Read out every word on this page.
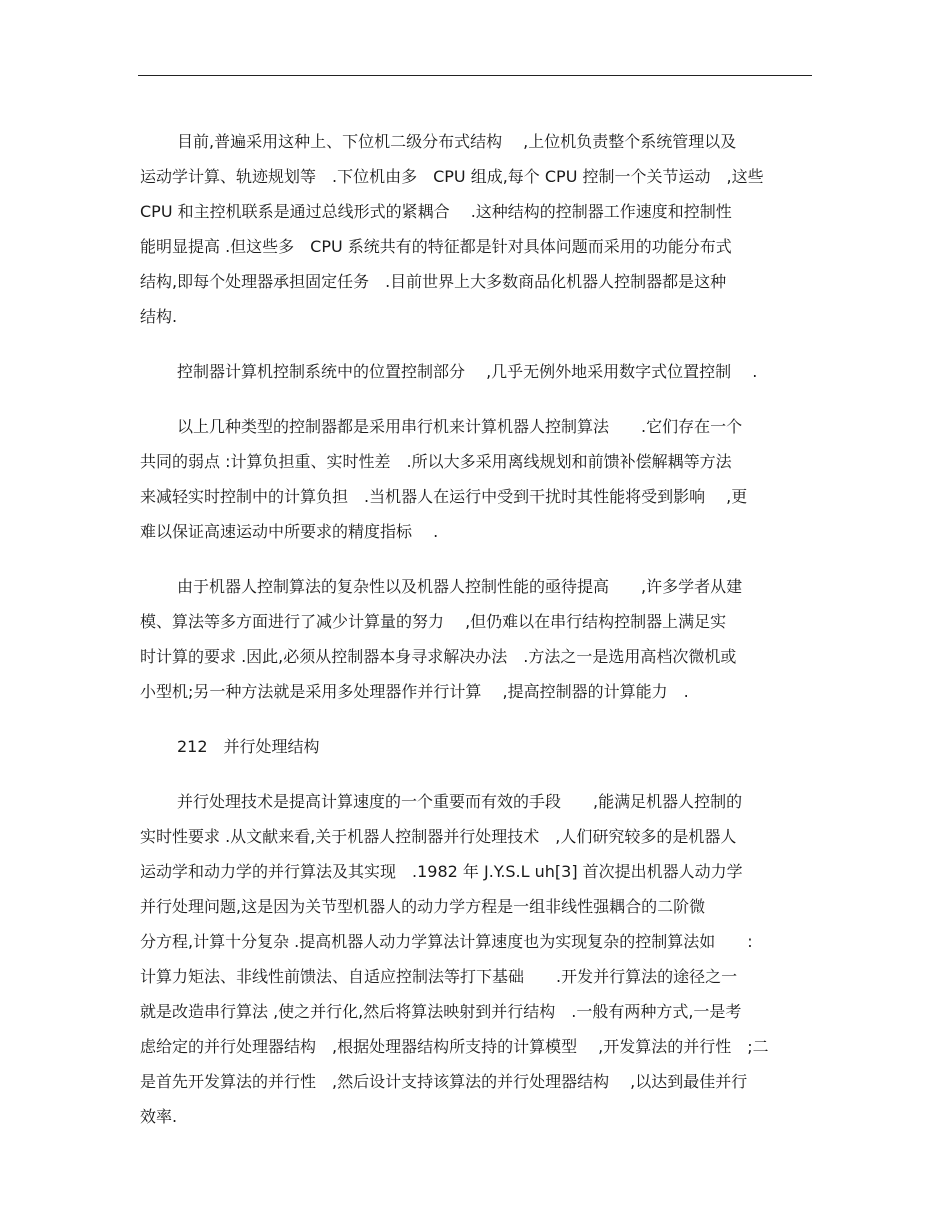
目前,普遍采用这种上、下位机二级分布式结构　 ,上位机负责整个系统管理以及
运动学计算、轨迹规划等　.下位机由多　CPU 组成,每个 CPU 控制一个关节运动　,这些
CPU 和主控机联系是通过总线形式的紧耦合　 .这种结构的控制器工作速度和控制性
能明显提高 .但这些多　CPU 系统共有的特征都是针对具体问题而采用的功能分布式
结构,即每个处理器承担固定任务　.目前世界上大多数商品化机器人控制器都是这种
结构.
控制器计算机控制系统中的位置控制部分　 ,几乎无例外地采用数字式位置控制　 .
以上几种类型的控制器都是采用串行机来计算机器人控制算法　　.它们存在一个
共同的弱点 :计算负担重、实时性差　.所以大多采用离线规划和前馈补偿解耦等方法
来减轻实时控制中的计算负担　.当机器人在运行中受到干扰时其性能将受到影响　 ,更
难以保证高速运动中所要求的精度指标　 .
由于机器人控制算法的复杂性以及机器人控制性能的亟待提高　　,许多学者从建
模、算法等多方面进行了减少计算量的努力　 ,但仍难以在串行结构控制器上满足实
时计算的要求 .因此,必须从控制器本身寻求解决办法　.方法之一是选用高档次微机或
小型机;另一种方法就是采用多处理器作并行计算　 ,提高控制器的计算能力　.
212　并行处理结构
并行处理技术是提高计算速度的一个重要而有效的手段　　,能满足机器人控制的
实时性要求 .从文献来看,关于机器人控制器并行处理技术　,人们研究较多的是机器人
运动学和动力学的并行算法及其实现　.1982 年 J.Y.S.L uh[3] 首次提出机器人动力学
并行处理问题,这是因为关节型机器人的动力学方程是一组非线性强耦合的二阶微
分方程,计算十分复杂 .提高机器人动力学算法计算速度也为实现复杂的控制算法如　　:
计算力矩法、非线性前馈法、自适应控制法等打下基础　　.开发并行算法的途径之一
就是改造串行算法 ,使之并行化,然后将算法映射到并行结构　.一般有两种方式,一是考
虑给定的并行处理器结构　,根据处理器结构所支持的计算模型　 ,开发算法的并行性　;二
是首先开发算法的并行性　,然后设计支持该算法的并行处理器结构　 ,以达到最佳并行
效率.
